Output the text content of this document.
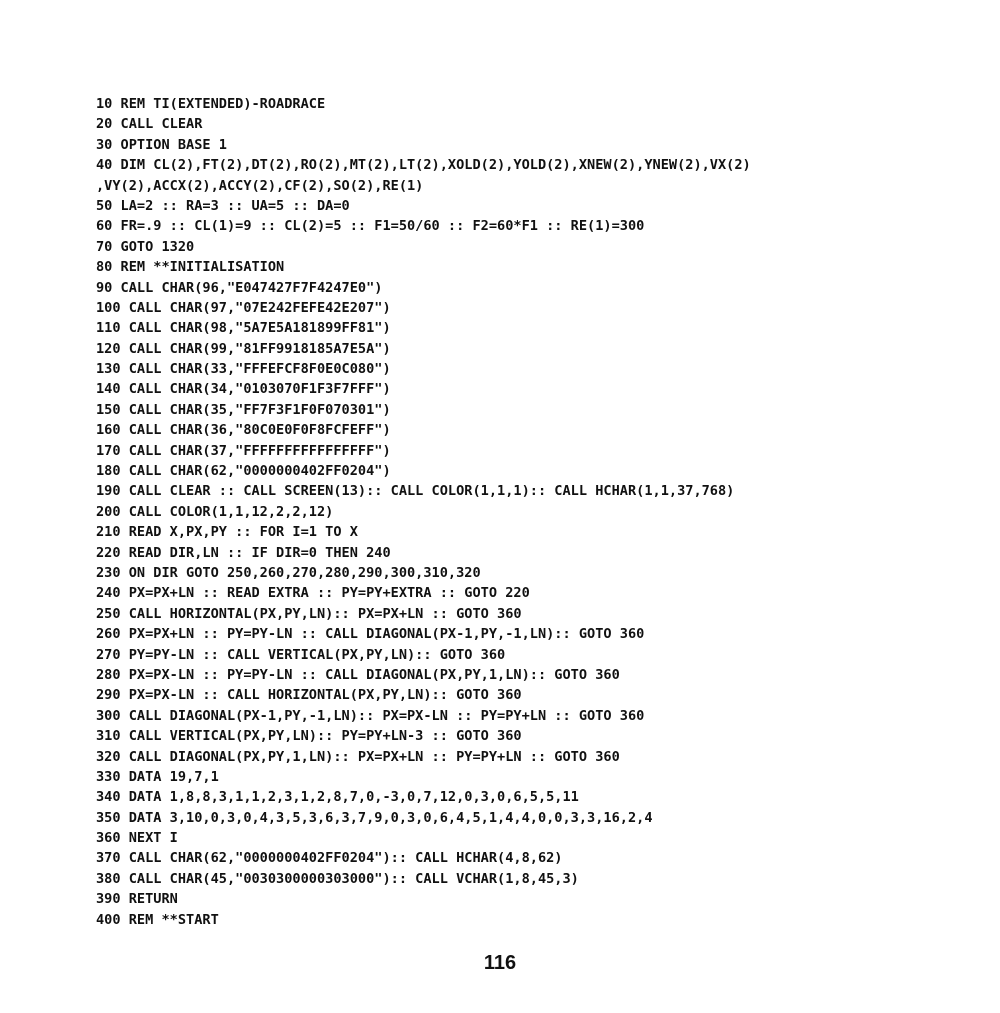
10 REM TI(EXTENDED)-ROADRACE
20 CALL CLEAR
30 OPTION BASE 1
40 DIM CL(2),FT(2),DT(2),RO(2),MT(2),LT(2),XOLD(2),YOLD(2),XNEW(2),YNEW(2),VX(2)
,VY(2),ACCX(2),ACCY(2),CF(2),SO(2),RE(1)
50 LA=2 :: RA=3 :: UA=5 :: DA=0
60 FR=.9 :: CL(1)=9 :: CL(2)=5 :: F1=50/60 :: F2=60*F1 :: RE(1)=300
70 GOTO 1320
80 REM **INITIALISATION
90 CALL CHAR(96,"E047427F7F4247E0")
100 CALL CHAR(97,"07E242FEFE42E207")
110 CALL CHAR(98,"5A7E5A181899FF81")
120 CALL CHAR(99,"81FF9918185A7E5A")
130 CALL CHAR(33,"FFFEFCF8F0E0C080")
140 CALL CHAR(34,"0103070F1F3F7FFF")
150 CALL CHAR(35,"FF7F3F1F0F070301")
160 CALL CHAR(36,"80C0E0F0F8FCFEFF")
170 CALL CHAR(37,"FFFFFFFFFFFFFFFF")
180 CALL CHAR(62,"0000000402FF0204")
190 CALL CLEAR :: CALL SCREEN(13):: CALL COLOR(1,1,1):: CALL HCHAR(1,1,37,768)
200 CALL COLOR(1,1,12,2,2,12)
210 READ X,PX,PY :: FOR I=1 TO X
220 READ DIR,LN :: IF DIR=0 THEN 240
230 ON DIR GOTO 250,260,270,280,290,300,310,320
240 PX=PX+LN :: READ EXTRA :: PY=PY+EXTRA :: GOTO 220
250 CALL HORIZONTAL(PX,PY,LN):: PX=PX+LN :: GOTO 360
260 PX=PX+LN :: PY=PY-LN :: CALL DIAGONAL(PX-1,PY,-1,LN):: GOTO 360
270 PY=PY-LN :: CALL VERTICAL(PX,PY,LN):: GOTO 360
280 PX=PX-LN :: PY=PY-LN :: CALL DIAGONAL(PX,PY,1,LN):: GOTO 360
290 PX=PX-LN :: CALL HORIZONTAL(PX,PY,LN):: GOTO 360
300 CALL DIAGONAL(PX-1,PY,-1,LN):: PX=PX-LN :: PY=PY+LN :: GOTO 360
310 CALL VERTICAL(PX,PY,LN):: PY=PY+LN-3 :: GOTO 360
320 CALL DIAGONAL(PX,PY,1,LN):: PX=PX+LN :: PY=PY+LN :: GOTO 360
330 DATA 19,7,1
340 DATA 1,8,8,3,1,1,2,3,1,2,8,7,0,-3,0,7,12,0,3,0,6,5,5,11
350 DATA 3,10,0,3,0,4,3,5,3,6,3,7,9,0,3,0,6,4,5,1,4,4,0,0,3,3,16,2,4
360 NEXT I
370 CALL CHAR(62,"0000000402FF0204"):: CALL HCHAR(4,8,62)
380 CALL CHAR(45,"0030300000303000"):: CALL VCHAR(1,8,45,3)
390 RETURN
400 REM **START
116
